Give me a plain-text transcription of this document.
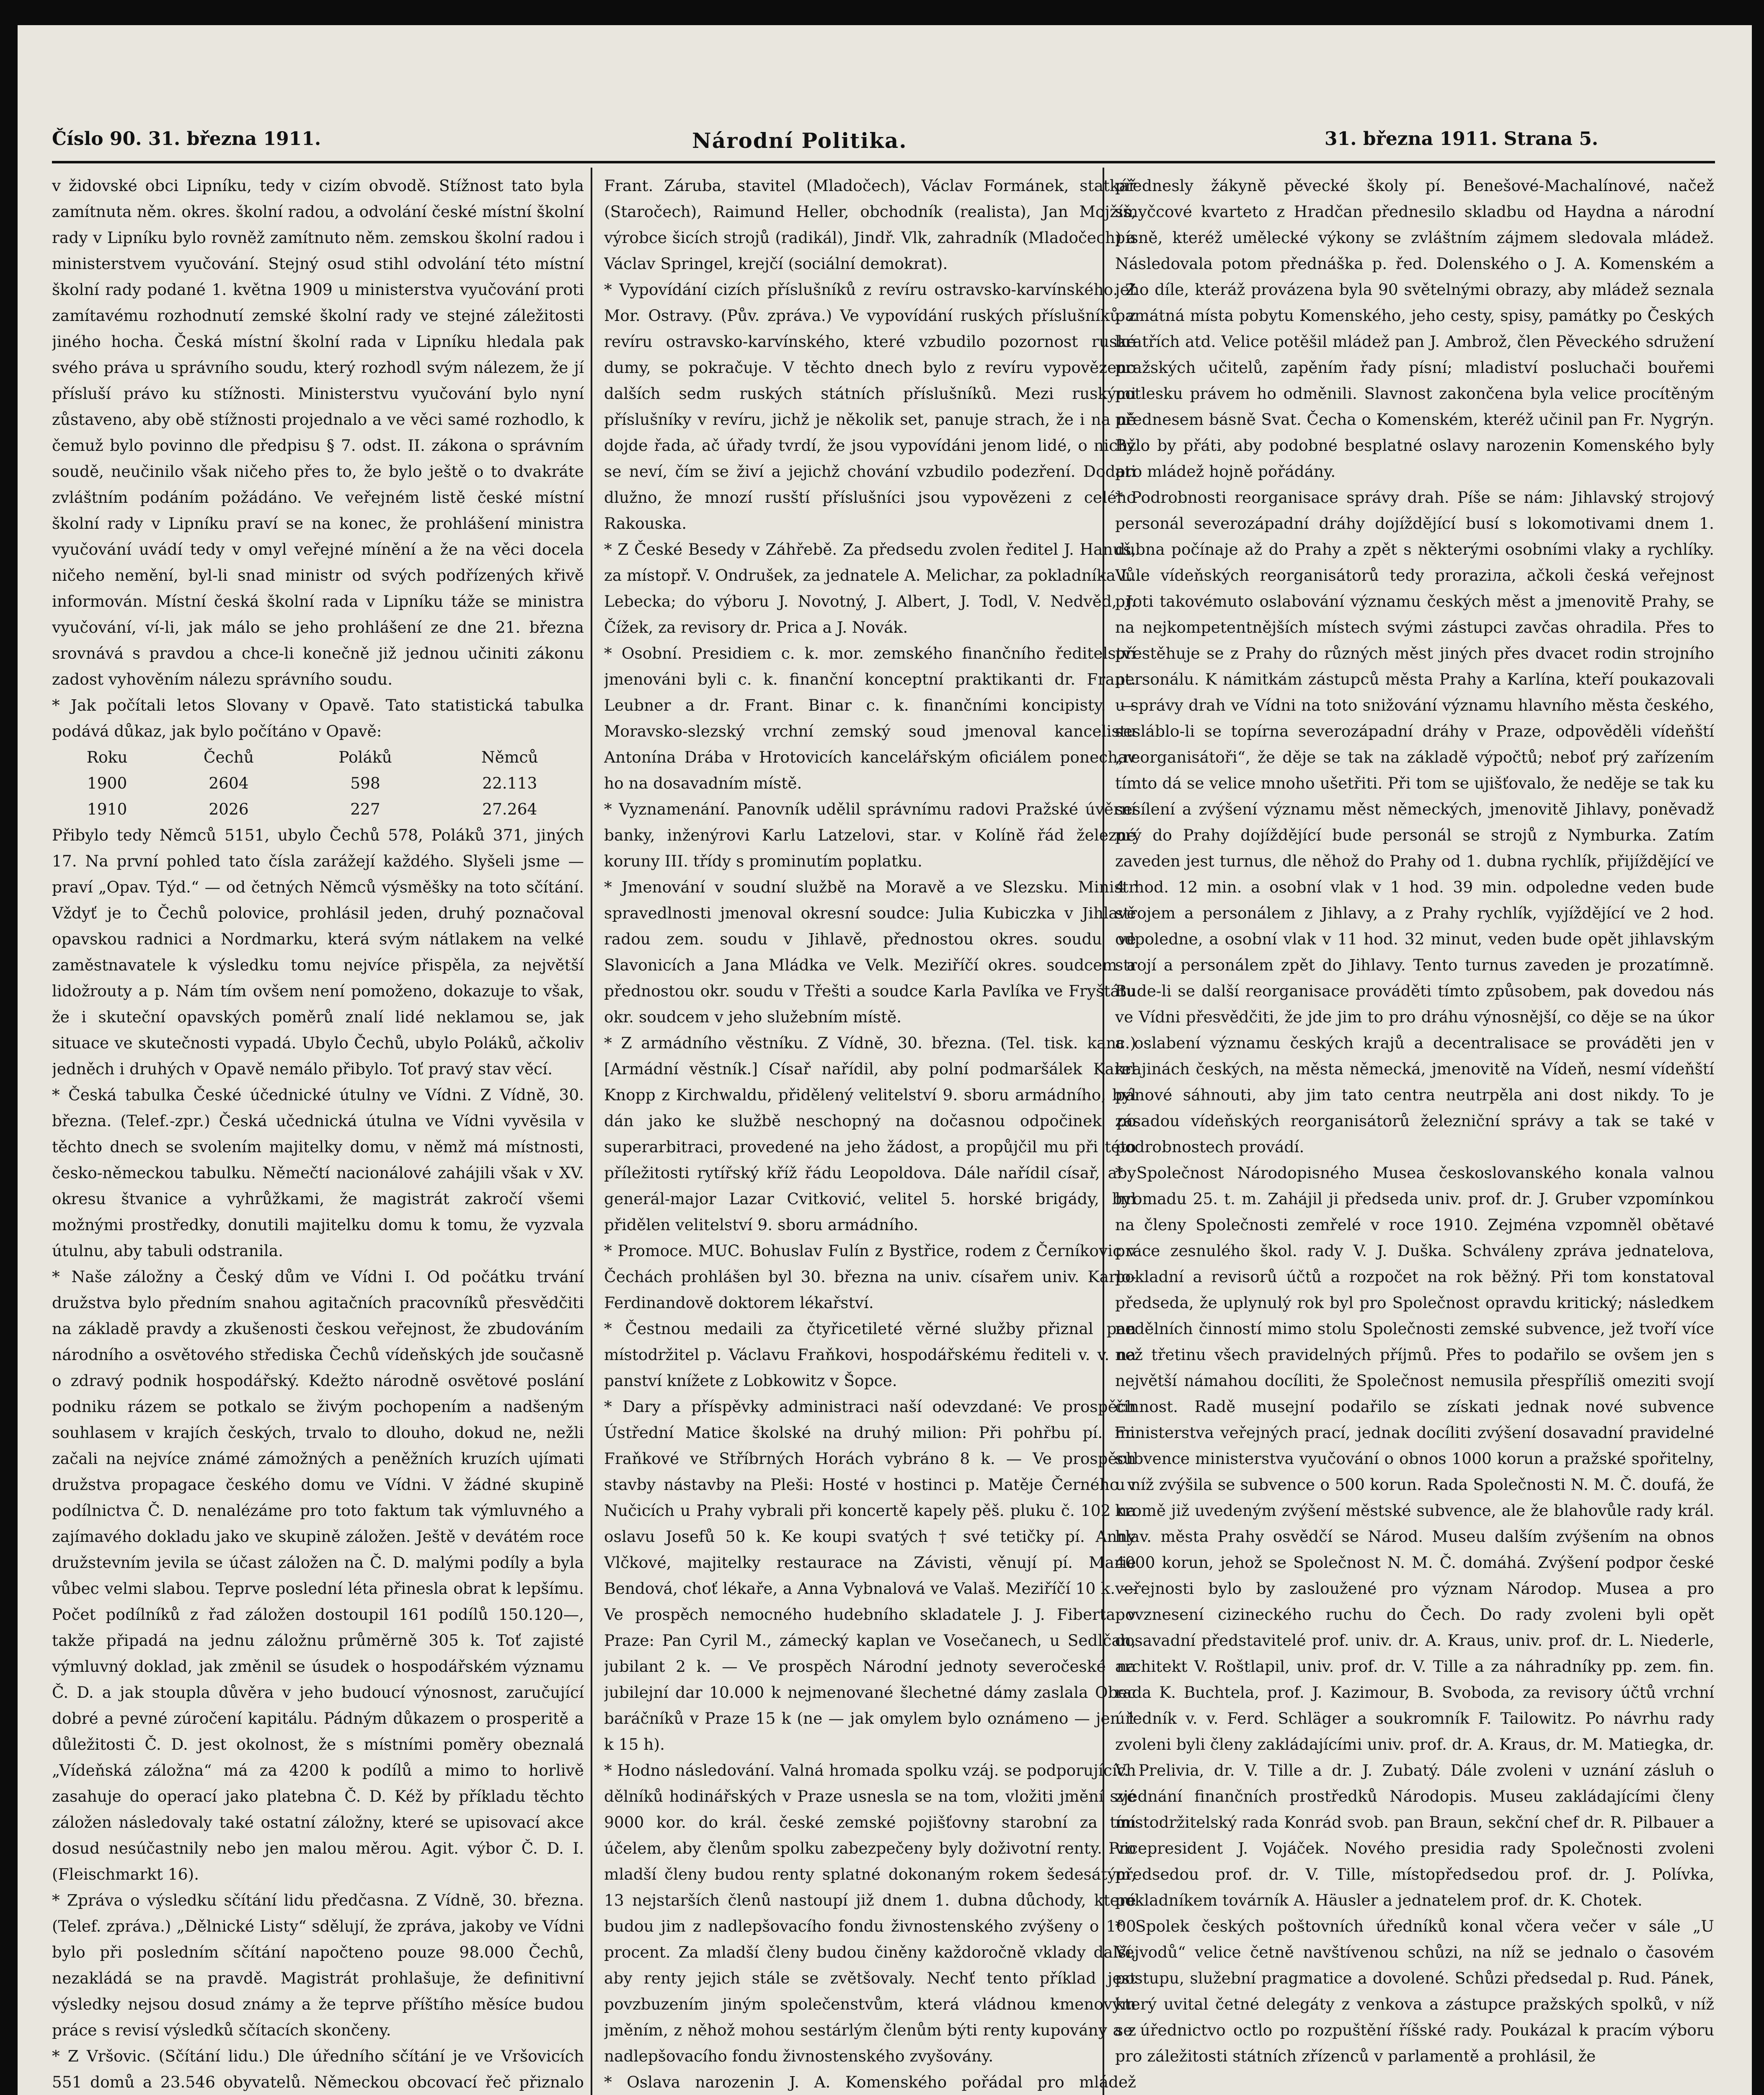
Číslo 90. 31. března 1911.	Národní Politika.	31. března 1911. Strana 5.

v židovské obci Lipníku, tedy v cizím obvodě. Stížnost tato byla zamítnuta něm. okres. školní radou, a odvolání české místní školní rady v Lipníku bylo rovněž zamítnuto něm. zemskou školní radou i ministerstvem vyučování. Stejný osud stihl odvolání této místní školní rady podané 1. května 1909 u ministerstva vyučování proti zamítavému rozhodnutí zemské školní rady ve stejné záležitosti jiného hocha. Česká místní školní rada v Lipníku hledala pak svého práva u správního soudu, který rozhodl svým nálezem, že jí přísluší právo ku stížnosti. Ministerstvu vyučování bylo nyní zůstaveno, aby obě stížnosti projednalo a ve věci samé rozhodlo, k čemuž bylo povinno dle předpisu § 7. odst. II. zákona o správním soudě, neučinilo však ničeho přes to, že bylo ještě o to dvakráte zvláštním podáním požádáno. Ve veřejném listě české místní školní rady v Lipníku praví se na konec, že prohlášení ministra vyučování uvádí tedy v omyl veřejné mínění a že na věci docela ničeho nemění, byl-li snad ministr od svých podřízených křivě informován. Místní česká školní rada v Lipníku táže se ministra vyučování, ví-li, jak málo se jeho prohlášení ze dne 21. března srovnává s pravdou a chce-li konečně již jednou učiniti zákonu zadost vyhověním nálezu správního soudu.

* Jak počítali letos Slovany v Opavě. Tato statistická tabulka podává důkaz, jak bylo počítáno v Opavě:

Roku	Čechů	Poláků	Němců
1900	2604	598	22.113
1910	2026	227	27.264

Přibylo tedy Němců 5151, ubylo Čechů 578, Poláků 371, jiných 17. Na první pohled tato čísla zarážejí každého. Slyšeli jsme — praví „Opav. Týd.“ — od četných Němců výsměšky na toto sčítání. Vždyť je to Čechů polovice, prohlásil jeden, druhý poznačoval opavskou radnici a Nordmarku, která svým nátlakem na velké zaměstnavatele k výsledku tomu nejvíce přispěla, za největší lidožrouty a p. Nám tím ovšem není pomoženo, dokazuje to však, že i skuteční opavských poměrů znalí lidé neklamou se, jak situace ve skutečnosti vypadá. Ubylo Čechů, ubylo Poláků, ačkoliv jedněch i druhých v Opavě nemálo přibylo. Toť pravý stav věcí.

* Česká tabulka České účednické útulny ve Vídni. Z Vídně, 30. března. (Telef.-zpr.) Česká učednická útulna ve Vídni vyvěsila v těchto dnech se svolením majitelky domu, v němž má místnosti, česko-německou tabulku. Němečtí nacionálové zahájili však v XV. okresu štvanice a vyhrůžkami, že magistrát zakročí všemi možnými prostředky, donutili majitelku domu k tomu, že vyzvala útulnu, aby tabuli odstranila.

* Naše záložny a Český dům ve Vídni I. Od počátku trvání družstva bylo předním snahou agitačních pracovníků přesvědčiti na základě pravdy a zkušenosti českou veřejnost, že zbudováním národního a osvětového střediska Čechů vídeňských jde současně o zdravý podnik hospodářský. Kdežto národně osvětové poslání podniku rázem se potkalo se živým pochopením a nadšeným souhlasem v krajích českých, trvalo to dlouho, dokud ne, nežli začali na nejvíce známé zámožných a peněžních kruzích ujímati družstva propagace českého domu ve Vídni. V žádné skupině podílnictva Č. D. nenalézáme pro toto faktum tak výmluvného a zajímavého dokladu jako ve skupině záložen. Ještě v devátém roce družstevním jevila se účast záložen na Č. D. malými podíly a byla vůbec velmi slabou. Teprve poslední léta přinesla obrat k lepšímu. Počet podílníků z řad záložen dostoupil 161 podílů 150.120—, takže připadá na jednu záložnu průměrně 305 k. Toť zajisté výmluvný doklad, jak změnil se úsudek o hospodářském významu Č. D. a jak stoupla důvěra v jeho budoucí výnosnost, zaručující dobré a pevné zúročení kapitálu. Pádným důkazem o prosperitě a důležitosti Č. D. jest okolnost, že s místními poměry obeznalá „Vídeňská záložna“ má za 4200 k podílů a mimo to horlivě zasahuje do operací jako platebna Č. D. Kéž by příkladu těchto záložen následovaly také ostatní záložny, které se upisovací akce dosud nesúčastnily nebo jen malou měrou. Agit. výbor Č. D. I. (Fleischmarkt 16).

* Zpráva o výsledku sčítání lidu předčasna. Z Vídně, 30. března. (Telef. zpráva.) „Dělnické Listy“ sdělují, že zpráva, jakoby ve Vídni bylo při posledním sčítání napočteno pouze 98.000 Čechů, nezakládá se na pravdě. Magistrát prohlašuje, že definitivní výsledky nejsou dosud známy a že teprve příštího měsíce budou práce s revisí výsledků sčítacích skončeny.

* Z Vršovic. (Sčítání lidu.) Dle úředního sčítání je ve Vršovicích 551 domů a 23.546 obyvatelů. Německou obcovací řeč přiznalo

Frant. Záruba, stavitel (Mladočech), Václav Formánek, statkář (Staročech), Raimund Heller, obchodník (realista), Jan Mojžíš, výrobce šicích strojů (radikál), Jindř. Vlk, zahradník (Mladočech) a Václav Springel, krejčí (sociální demokrat).

* Vypovídání cizích příslušníků z revíru ostravsko-karvínského. Z Mor. Ostravy. (Pův. zpráva.) Ve vypovídání ruských příslušníků z revíru ostravsko-karvínského, které vzbudilo pozornost ruské dumy, se pokračuje. V těchto dnech bylo z revíru vypovězeno dalších sedm ruských státních příslušníků. Mezi ruskými příslušníky v revíru, jichž je několik set, panuje strach, že i na ně dojde řada, ač úřady tvrdí, že jsou vypovídáni jenom lidé, o nichž se neví, čím se živí a jejichž chování vzbudilo podezření. Dodati dlužno, že mnozí rusští příslušníci jsou vypovězeni z celého Rakouska.

* Z České Besedy v Záhřebě. Za předsedu zvolen ředitel J. Hanuš, za místopř. V. Ondrušek, za jednatele A. Melichar, za pokladníka L. Lebecka; do výboru J. Novotný, J. Albert, J. Todl, V. Nedvěd, J. Čížek, za revisory dr. Prica a J. Novák.

* Osobní. Presidiem c. k. mor. zemského finančního ředitelství jmenováni byli c. k. finanční konceptní praktikanti dr. Frant. Leubner a dr. Frant. Binar c. k. finančními koncipisty. — Moravsko-slezský vrchní zemský soud jmenoval kancelistu Antonína Drába v Hrotovicích kancelářským oficiálem ponechav ho na dosavadním místě.

* Vyznamenání. Panovník udělil správnímu radovi Pražské úvěrní banky, inženýrovi Karlu Latzelovi, star. v Kolíně řád železné koruny III. třídy s prominutím poplatku.

* Jmenování v soudní službě na Moravě a ve Slezsku. Ministr spravedlnosti jmenoval okresní soudce: Julia Kubiczka v Jihlavě radou zem. soudu v Jihlavě, přednostou okres. soudu ve Slavonicích a Jana Mládka ve Velk. Meziříčí okres. soudcem a přednostou okr. soudu v Třešti a soudce Karla Pavlíka ve Fryštátu okr. soudcem v jeho služebním místě.

* Z armádního věstníku. Z Vídně, 30. března. (Tel. tisk. kanc.) [Armádní věstník.] Císař nařídil, aby polní podmaršálek Karel Knopp z Kirchwaldu, přidělený velitelství 9. sboru armádního, byl dán jako ke službě neschopný na dočasnou odpočinek po superarbitraci, provedené na jeho žádost, a propůjčil mu při této příležitosti rytířský kříž řádu Leopoldova. Dále nařídil císař, aby generál-major Lazar Cvitković, velitel 5. horské brigády, byl přidělen velitelství 9. sboru armádního.

* Promoce. MUC. Bohuslav Fulín z Bystřice, rodem z Černíkovic v Čechách prohlášen byl 30. března na univ. císařem univ. Karlo-Ferdinandově doktorem lékařství.

* Čestnou medaili za čtyřicetileté věrné služby přiznal pan místodržitel p. Václavu Fraňkovi, hospodářskému řediteli v. v. na panství knížete z Lobkowitz v Šopce.

* Dary a příspěvky administraci naší odevzdané: Ve prospěch Ústřední Matice školské na druhý milion: Při pohřbu pí. Fr. Fraňkové ve Stříbrných Horách vybráno 8 k. — Ve prospěch stavby nástavby na Pleši: Hosté v hostinci p. Matěje Černého v Nučicích u Prahy vybrali při koncertě kapely pěš. pluku č. 102 na oslavu Josefů 50 k. Ke koupi svatých † své tetičky pí. Anny Vlčkové, majitelky restaurace na Závisti, věnují pí. Marie Bendová, choť lékaře, a Anna Vybnalová ve Valaš. Meziříčí 10 k. — Ve prospěch nemocného hudebního skladatele J. J. Fiberta v Praze: Pan Cyril M., zámecký kaplan ve Vosečanech, u Sedlčan, jubilant 2 k. — Ve prospěch Národní jednoty severočeské na jubilejní dar 10.000 k nejmenované šlechetné dámy zaslala Obec baráčníků v Praze 15 k (ne — jak omylem bylo oznámeno — jen 1 k 15 h).

* Hodno následování. Valná hromada spolku vzáj. se podporujících dělníků hodinářských v Praze usnesla se na tom, vložiti jmění své 9000 kor. do král. české zemské pojišťovny starobní za tím účelem, aby členům spolku zabezpečeny byly doživotní renty. Pro mladší členy budou renty splatné dokonaným rokem šedesátým, 13 nejstarších členů nastoupí již dnem 1. dubna důchody, které budou jim z nadlepšovacího fondu živnostenského zvýšeny o 100 procent. Za mladší členy budou činěny každoročně vklady další, aby renty jejich stále se zvětšovaly. Nechť tento příklad jest povzbuzením jiným společenstvům, která vládnou kmenovým jměním, z něhož mohou sestárlým členům býti renty kupovány a z nadlepšovacího fondu živnostenského zvyšovány.

* Oslava narozenin J. A. Komenského pořádal pro mládež

přednesly žákyně pěvecké školy pí. Benešové-Machalínové, načež smyčcové kvarteto z Hradčan přednesilo skladbu od Haydna a národní písně, kteréž umělecké výkony se zvláštním zájmem sledovala mládež. Následovala potom přednáška p. řed. Dolenského o J. A. Komenském a jeho díle, kteráž provázena byla 90 světelnými obrazy, aby mládež seznala památná místa pobytu Komenského, jeho cesty, spisy, památky po Českých bratřích atd. Velice potěšil mládež pan J. Ambrož, člen Pěveckého sdružení pražských učitelů, zapěním řady písní; mladiství posluchači bouřemi potlesku právem ho odměnili. Slavnost zakončena byla velice procítěným přednesem básně Svat. Čecha o Komenském, kteréž učinil pan Fr. Nygrýn. Bylo by přáti, aby podobné besplatné oslavy narozenin Komenského byly pro mládež hojně pořádány.

* Podrobnosti reorganisace správy drah. Píše se nám: Jihlavský strojový personál severozápadní dráhy dojíždějící busí s lokomotivami dnem 1. dubna počínaje až do Prahy a zpět s některými osobními vlaky a rychlíky. Vůle vídeňských reorganisátorů tedy proraziла, ačkoli česká veřejnost proti takovémuto oslabování významu českých měst a jmenovitě Prahy, se na nejkompetentnějších místech svými zástupci zavčas ohradila. Přes to přestěhuje se z Prahy do různých měst jiných přes dvacet rodin strojního personálu. K námitkám zástupců města Prahy a Karlína, kteří poukazovali u správy drah ve Vídni na toto snižování významu hlavního města českého, sesláblo-li se topírna severozápadní dráhy v Praze, odpověděli vídeňští „reorganisátoři“, že děje se tak na základě výpočtů; neboť prý zařízením tímto dá se velice mnoho ušetřiti. Při tom se ujišťovalo, že neděje se tak ku sesílení a zvýšení významu měst německých, jmenovitě Jihlavy, poněvadž prý do Prahy dojíždějící bude personál se strojů z Nymburka. Zatím zaveden jest turnus, dle něhož do Prahy od 1. dubna rychlík, přijíždějící ve 4 hod. 12 min. a osobní vlak v 1 hod. 39 min. odpoledne veden bude strojem a personálem z Jihlavy, a z Prahy rychlík, vyjíždějící ve 2 hod. odpoledne, a osobní vlak v 11 hod. 32 minut, veden bude opět jihlavským strojí a personálem zpět do Jihlavy. Tento turnus zaveden je prozatímně. Bude-li se další reorganisace prováděti tímto způsobem, pak dovedou nás ve Vídni přesvědčiti, že jde jim to pro dráhu výnosnější, co děje se na úkor a oslabení významu českých krajů a decentralisace se prováděti jen v krajinách českých, na města německá, jmenovitě na Vídeň, nesmí vídeňští pánové sáhnouti, aby jim tato centra neutrpěla ani dost nikdy. To je zásadou vídeňských reorganisátorů železniční správy a tak se také v podrobnostech provádí.

* Společnost Národopisného Musea českoslovanského konala valnou hromadu 25. t. m. Zahájil ji předseda univ. prof. dr. J. Gruber vzpomínkou na členy Společnosti zemřelé v roce 1910. Zejména vzpomněl obětavé práce zesnulého škol. rady V. J. Duška. Schváleny zpráva jednatelova, pokladní a revisorů účtů a rozpočet na rok běžný. Při tom konstatoval předseda, že uplynulý rok byl pro Společnost opravdu kritický; následkem nedělních činností mimo stolu Společnosti zemské subvence, jež tvoří více než třetinu všech pravidelných příjmů. Přes to podařilo se ovšem jen s největší námahou docíliti, že Společnost nemusila přespříliš omeziti svojí činnost. Radě musejní podařilo se získati jednak nové subvence ministerstva veřejných prací, jednak docíliti zvýšení dosavadní pravidelné subvence ministerstva vyučování o obnos 1000 korun a pražské spořitelny, u níž zvýšila se subvence o 500 korun. Rada Společnosti N. M. Č. doufá, že kromě již uvedeným zvýšení městské subvence, ale že blahovůle rady král. hlav. města Prahy osvědčí se Národ. Museu dalším zvýšením na obnos 4000 korun, jehož se Společnost N. M. Č. domáhá. Zvýšení podpor české veřejnosti bylo by zasloužené pro význam Národop. Musea a pro povznesení cizineckého ruchu do Čech. Do rady zvoleni byli opět dosavadní představitelé prof. univ. dr. A. Kraus, univ. prof. dr. L. Niederle, architekt V. Roštlapil, univ. prof. dr. V. Tille a za náhradníky pp. zem. fin. rada K. Buchtela, prof. J. Kazimour, B. Svoboda, za revisory účtů vrchní úředník v. v. Ferd. Schläger a soukromník F. Tailowitz. Po návrhu rady zvoleni byli členy zakládajícími univ. prof. dr. A. Kraus, dr. M. Matiegka, dr. V. Prelivia, dr. V. Tille a dr. J. Zubatý. Dále zvoleni v uznání zásluh o zjednání finančních prostředků Národopis. Museu zakládajícími členy místodržitelský rada Konrád svob. pan Braun, sekční chef dr. R. Pilbauer a vicepresident J. Vojáček. Nového presidia rady Společnosti zvoleni předsedou prof. dr. V. Tille, místopředsedou prof. dr. J. Polívka, pokladníkem továrník A. Häusler a jednatelem prof. dr. K. Chotek.

* Spolek českých poštovních úředníků konal včera večer v sále „U Vejvodů“ velice četně navštívenou schůzi, na níž se jednalo o časovém postupu, služební pragmatice a dovolené. Schůzi předsedal p. Rud. Pánek, který uvital četné delegáty z venkova a zástupce pražských spolků, v níž se úřednictvo octlo po rozpuštění říšské rady. Poukázal k pracím výboru pro záležitosti státních zřízenců v parlamentě a prohlásil, že
